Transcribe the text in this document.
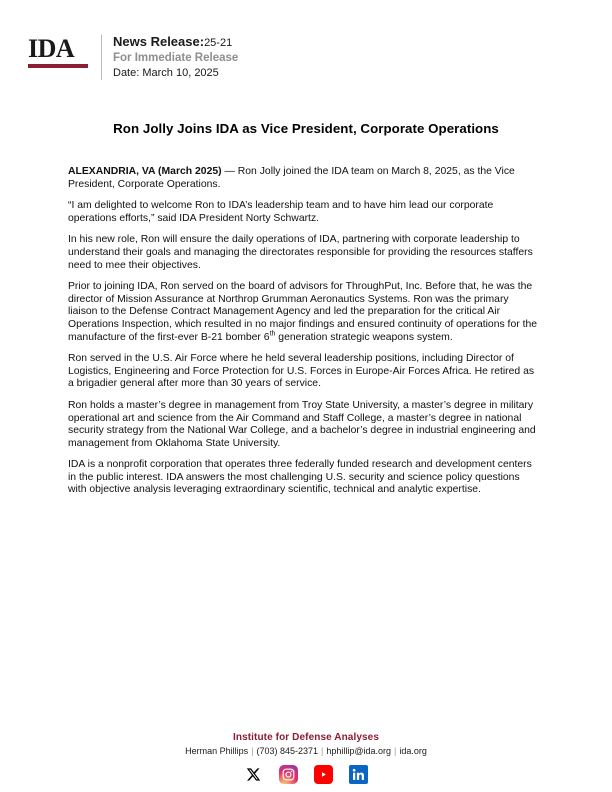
IDA	News Release:25-21
For Immediate Release
Date: March 10, 2025
Ron Jolly Joins IDA as Vice President, Corporate Operations

ALEXANDRIA, VA (March 2025) — Ron Jolly joined the IDA team on March 8, 2025, as the Vice President, Corporate Operations.

“I am delighted to welcome Ron to IDA’s leadership team and to have him lead our corporate operations efforts,” said IDA President Norty Schwartz.

In his new role, Ron will ensure the daily operations of IDA, partnering with corporate leadership to understand their goals and managing the directorates responsible for providing the resources staffers need to mee their objectives.

Prior to joining IDA, Ron served on the board of advisors for ThroughPut, Inc. Before that, he was the director of Mission Assurance at Northrop Grumman Aeronautics Systems. Ron was the primary liaison to the Defense Contract Management Agency and led the preparation for the critical Air Operations Inspection, which resulted in no major findings and ensured continuity of operations for the manufacture of the first-ever B-21 bomber 6th generation strategic weapons system.

Ron served in the U.S. Air Force where he held several leadership positions, including Director of Logistics, Engineering and Force Protection for U.S. Forces in Europe-Air Forces Africa. He retired as a brigadier general after more than 30 years of service.

Ron holds a master’s degree in management from Troy State University, a master’s degree in military operational art and science from the Air Command and Staff College, a master’s degree in national security strategy from the National War College, and a bachelor’s degree in industrial engineering and management from Oklahoma State University.

IDA is a nonprofit corporation that operates three federally funded research and development centers in the public interest. IDA answers the most challenging U.S. security and science policy questions with objective analysis leveraging extraordinary scientific, technical and analytic expertise.

Institute for Defense Analyses
Herman Phillips | (703) 845-2371 | hphillip@ida.org | ida.org
